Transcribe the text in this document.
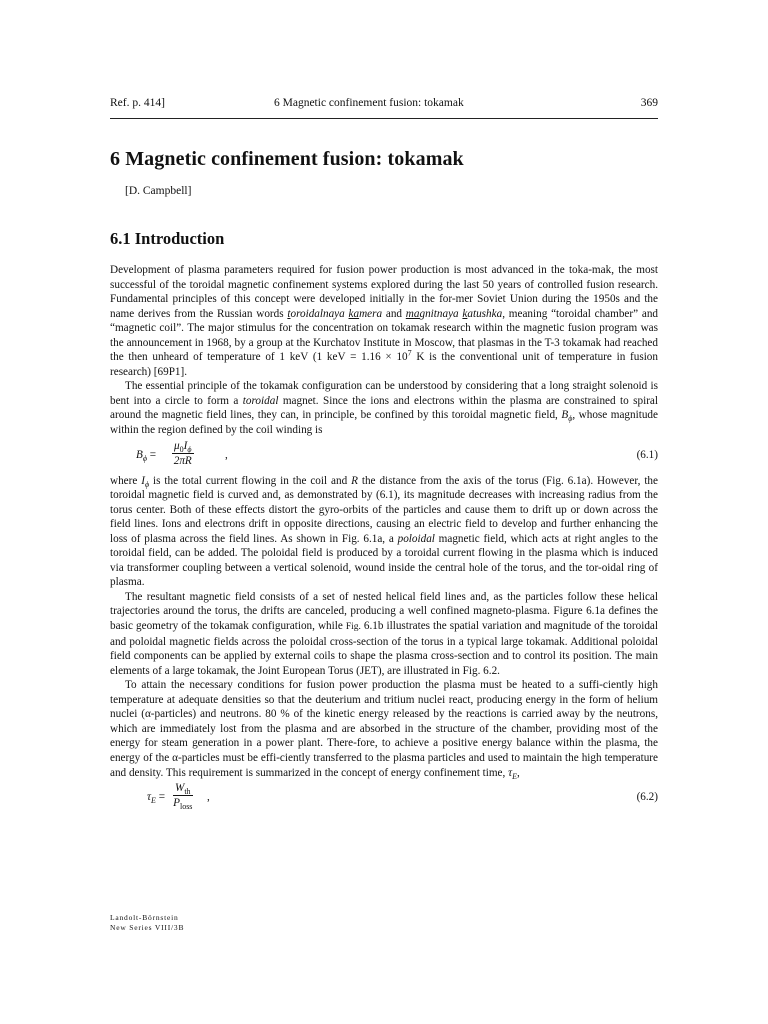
Ref. p. 414]	6 Magnetic confinement fusion: tokamak	369
6 Magnetic confinement fusion: tokamak
[D. Campbell]
6.1 Introduction

Development of plasma parameters required for fusion power production is most advanced in the toka-mak, the most successful of the toroidal magnetic confinement systems explored during the last 50 years of controlled fusion research. Fundamental principles of this concept were developed initially in the for-mer Soviet Union during the 1950s and the name derives from the Russian words toroidalnaya kamera and magnitnaya katushka, meaning “toroidal chamber” and “magnetic coil”. The major stimulus for the concentration on tokamak research within the magnetic fusion program was the announcement in 1968, by a group at the Kurchatov Institute in Moscow, that plasmas in the T-3 tokamak had reached the then unheard of temperature of 1 keV (1 keV = $1.16 \times 10^7$ K is the conventional unit of temperature in fusion research) [69P1].

The essential principle of the tokamak configuration can be understood by considering that a long straight solenoid is bent into a circle to form a toroidal magnet. Since the ions and electrons within the plasma are constrained to spiral around the magnetic field lines, they can, in principle, be confined by this toroidal magnetic field, $B_\phi$, whose magnitude within the region defined by the coil winding is

$B_\phi = \frac{\mu_0I_\phi}{2\pi R}$	,	(6.1)

where $I_\phi$ is the total current flowing in the coil and R the distance from the axis of the torus (Fig. 6.1a). However, the toroidal magnetic field is curved and, as demonstrated by (6.1), its magnitude decreases with increasing radius from the torus center. Both of these effects distort the gyro-orbits of the particles and cause them to drift up or down across the field lines. Ions and electrons drift in opposite directions, causing an electric field to develop and further enhancing the loss of plasma across the field lines. As shown in Fig. 6.1a, a poloidal magnetic field, which acts at right angles to the toroidal field, can be added. The poloidal field is produced by a toroidal current flowing in the plasma which is induced via transformer coupling between a vertical solenoid, wound inside the central hole of the torus, and the tor-oidal ring of plasma.

The resultant magnetic field consists of a set of nested helical field lines and, as the particles follow these helical trajectories around the torus, the drifts are canceled, producing a well confined magneto-plasma. Figure 6.1a defines the basic geometry of the tokamak configuration, while Fig. 6.1b illustrates the spatial variation and magnitude of the toroidal and poloidal magnetic fields across the poloidal cross-section of the torus in a typical large tokamak. Additional poloidal field components can be applied by external coils to shape the plasma cross-section and to control its position. The main elements of a large tokamak, the Joint European Torus (JET), are illustrated in Fig. 6.2.

To attain the necessary conditions for fusion power production the plasma must be heated to a suffi-ciently high temperature at adequate densities so that the deuterium and tritium nuclei react, producing energy in the form of helium nuclei (α-particles) and neutrons. 80 % of the kinetic energy released by the reactions is carried away by the neutrons, which are immediately lost from the plasma and are absorbed in the structure of the chamber, providing most of the energy for steam generation in a power plant. There-fore, to achieve a positive energy balance within the plasma, the energy of the α-particles must be effi-ciently transferred to the plasma particles and used to maintain the high temperature and density. This requirement is summarized in the concept of energy confinement time, $\tau_E$,

$\tau_E$ =
$W_{th}$
$P_{loss}$
,	(6.2)
Landolt-Börnstein
New Series VIII/3B
